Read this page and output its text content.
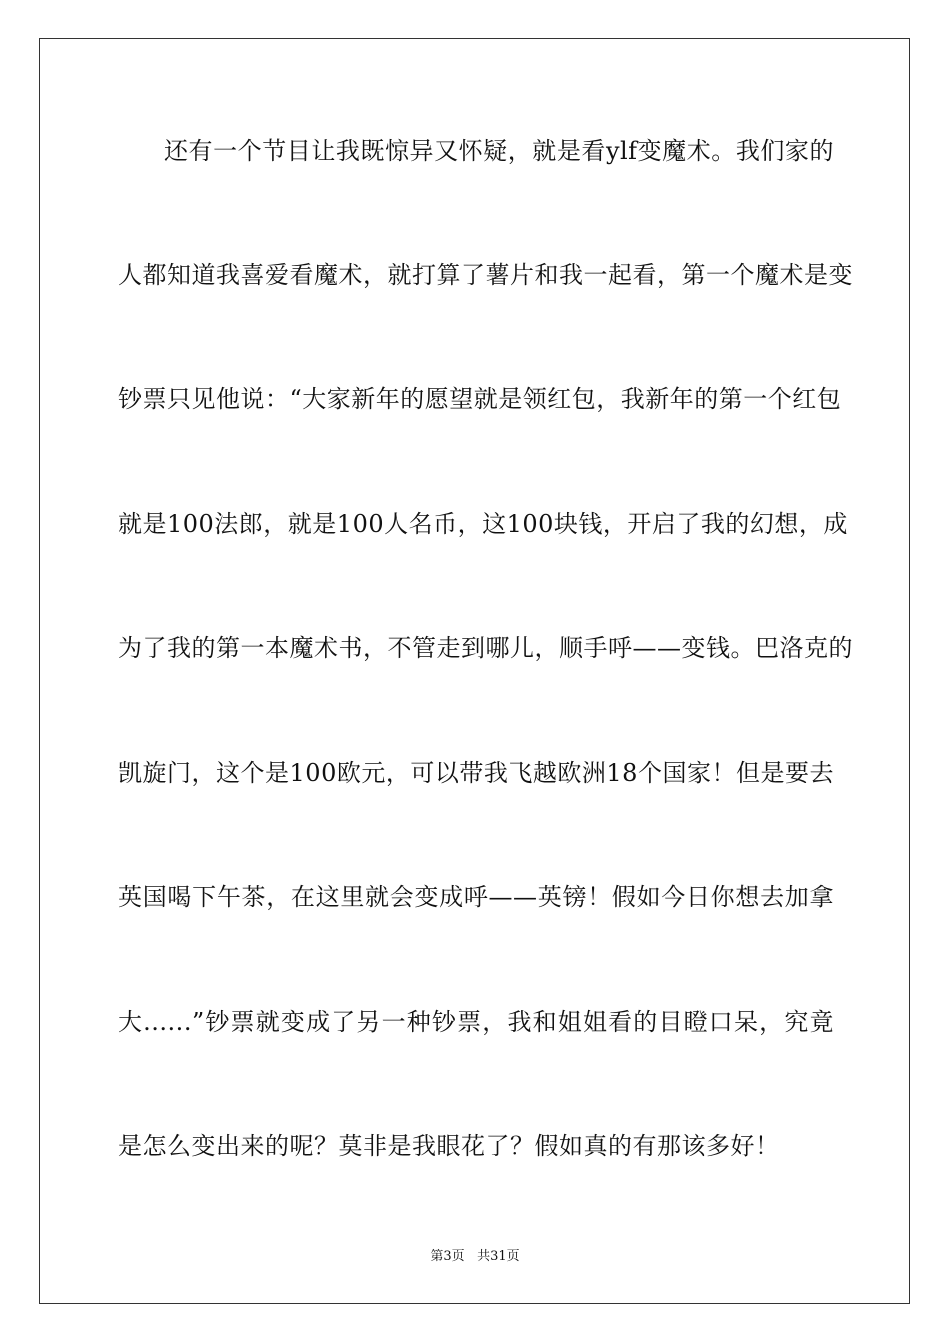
还有一个节目让我既惊异又怀疑，就是看ylf变魔术。我们家的
人都知道我喜爱看魔术，就打算了薯片和我一起看，第一个魔术是变
钞票只见他说：“大家新年的愿望就是领红包，我新年的第一个红包
就是100法郎，就是100人名币，这100块钱，开启了我的幻想，成
为了我的第一本魔术书，不管走到哪儿，顺手呼——变钱。巴洛克的
凯旋门，这个是100欧元，可以带我飞越欧洲18个国家！但是要去
英国喝下午茶，在这里就会变成呼——英镑！假如今日你想去加拿
大......”钞票就变成了另一种钞票，我和姐姐看的目瞪口呆，究竟
是怎么变出来的呢？莫非是我眼花了？假如真的有那该多好！
第3页 共31页
